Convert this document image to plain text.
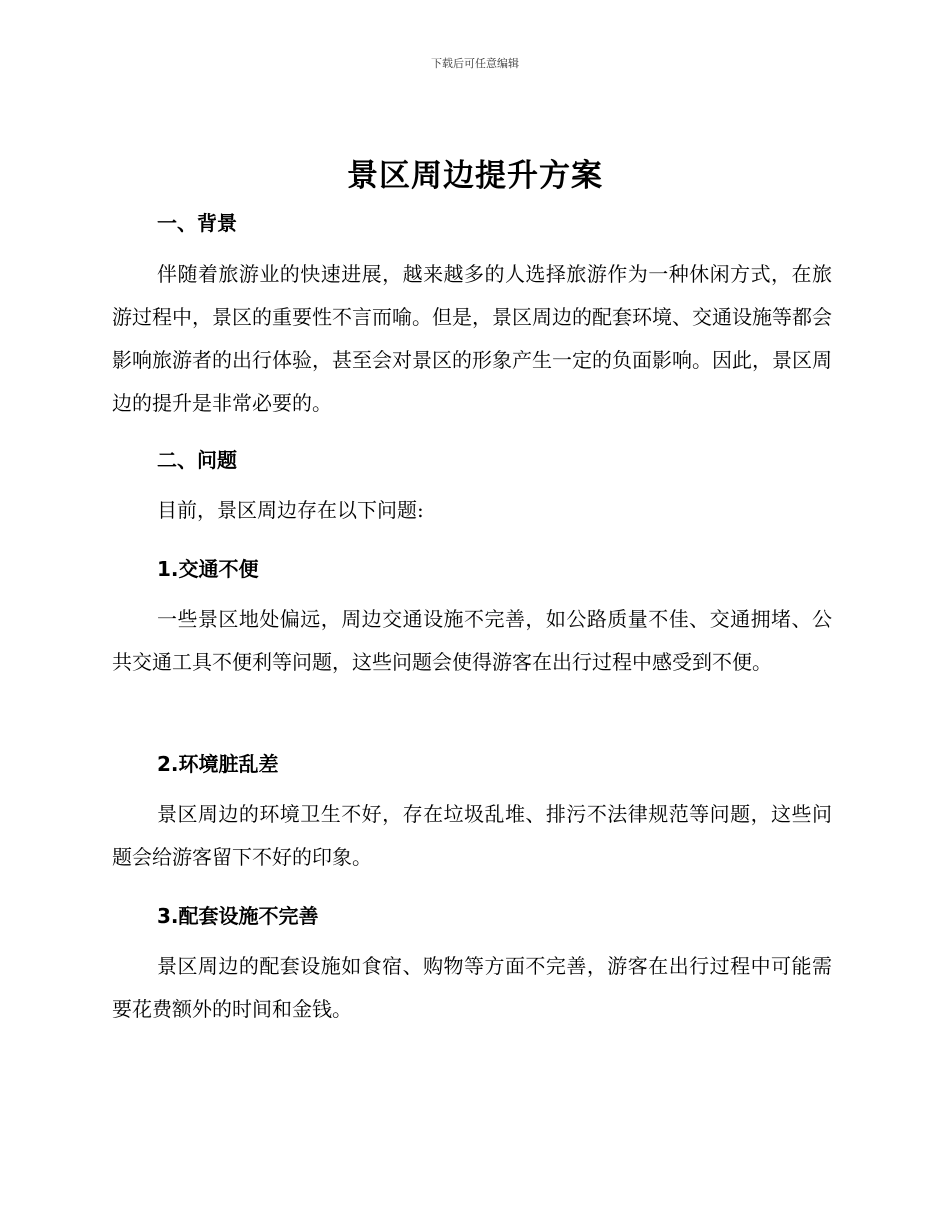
下载后可任意编辑
景区周边提升方案
一、背景
伴随着旅游业的快速进展，越来越多的人选择旅游作为一种休闲方式，在旅游过程中，景区的重要性不言而喻。但是，景区周边的配套环境、交通设施等都会影响旅游者的出行体验，甚至会对景区的形象产生一定的负面影响。因此，景区周边的提升是非常必要的。
二、问题
目前，景区周边存在以下问题:
1.交通不便
一些景区地处偏远，周边交通设施不完善，如公路质量不佳、交通拥堵、公共交通工具不便利等问题，这些问题会使得游客在出行过程中感受到不便。
2.环境脏乱差
景区周边的环境卫生不好，存在垃圾乱堆、排污不法律规范等问题，这些问题会给游客留下不好的印象。
3.配套设施不完善
景区周边的配套设施如食宿、购物等方面不完善，游客在出行过程中可能需要花费额外的时间和金钱。
